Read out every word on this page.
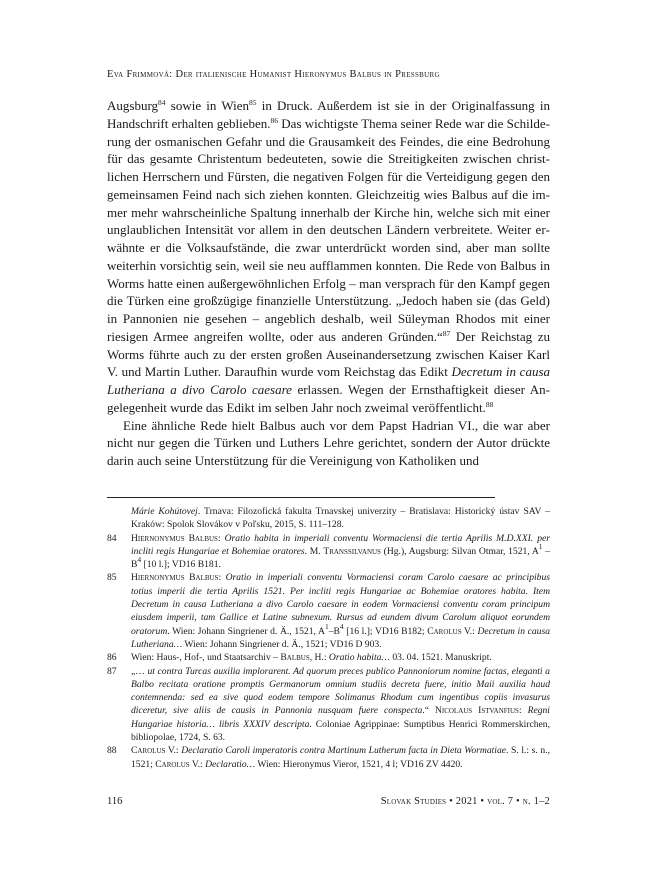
Eva Frimmová: Der italienische Humanist Hieronymus Balbus in Pressburg

Augsburg$^{84}$ sowie in Wien$^{85}$ in Druck. Außerdem ist sie in der Originalfassung in Handschrift erhalten geblieben.$^{86}$ Das wichtigste Thema seiner Rede war die Schilderung der osmanischen Gefahr und die Grausamkeit des Feindes, die eine Bedrohung für das gesamte Christentum bedeuteten, sowie die Streitigkeiten zwischen christlichen Herrschern und Fürsten, die negativen Folgen für die Verteidigung gegen den gemeinsamen Feind nach sich ziehen konnten. Gleichzeitig wies Balbus auf die immer mehr wahrscheinliche Spaltung innerhalb der Kirche hin, welche sich mit einer unglaublichen Intensität vor allem in den deutschen Ländern verbreitete. Weiter erwähnte er die Volksaufstände, die zwar unterdrückt worden sind, aber man sollte weiterhin vorsichtig sein, weil sie neu aufflammen konnten. Die Rede von Balbus in Worms hatte einen außergewöhnlichen Erfolg – man versprach für den Kampf gegen die Türken eine großzügige finanzielle Unterstützung. „Jedoch haben sie (das Geld) in Pannonien nie gesehen – angeblich deshalb, weil Süleyman Rhodos mit einer riesigen Armee angreifen wollte, oder aus anderen Gründen.“$^{87}$ Der Reichstag zu Worms führte auch zu der ersten großen Auseinandersetzung zwischen Kaiser Karl V. und Martin Luther. Daraufhin wurde vom Reichstag das Edikt Decretum in causa Lutheriana a divo Carolo caesare erlassen. Wegen der Ernsthaftigkeit dieser Angelegenheit wurde das Edikt im selben Jahr noch zweimal veröffentlicht.$^{88}$

Eine ähnliche Rede hielt Balbus auch vor dem Papst Hadrian VI., die war aber nicht nur gegen die Türken und Luthers Lehre gerichtet, sondern der Autor drückte darin auch seine Unterstützung für die Vereinigung von Katholiken und

Márie Kohútovej. Trnava: Filozofická fakulta Trnavskej univerzity – Bratislava: Historický ústav SAV – Kraków: Spolok Slovákov v Poľsku, 2015, S. 111–128.
84	Hiernonymus Balbus: Oratio habita in imperiali conventu Wormaciensi die tertia Aprilis M.D.XXI. per incliti regis Hungariae et Bohemiae oratores. M. Transsilvanus (Hg.), Augsburg: Silvan Otmar, 1521, $A^1 - B^4$ [10 l.]; VD16 B181.
85	Hiernonymus Balbus: Oratio in imperiali conventu Vormaciensi coram Carolo caesare ac principibus totius imperii die tertia Aprilis 1521. Per incliti regis Hungariae ac Bohemiae oratores habita. Item Decretum in causa Lutheriana a divo Carolo caesare in eodem Vormaciensi conventu coram principum eiusdem imperii, tam Gallice et Latine subnexum. Rursus ad eundem divum Carolum aliquot eorundem oratorum. Wien: Johann Singriener d. Ä., 1521, $A^1-B^4$ [16 l.]; VD16 B182; Carolus V.: Decretum in causa Lutheriana… Wien: Johann Singriener d. Ä., 1521; VD16 D 903.
86	Wien: Haus-, Hof-, und Staatsarchiv – Balbus, H.: Oratio habita… 03. 04. 1521. Manuskript.
87	„… ut contra Turcas auxilia implorarent. Ad quorum preces publico Pannoniorum nomine factas, eleganti a Balbo recitata oratione promptis Germanorum omnium studiis decreta fuere, initio Maii auxilia haud contemnenda: sed ea sive quod eodem tempore Solimanus Rhodum cum ingentibus copiis invasurus diceretur, sive aliis de causis in Pannonia nusquam fuere conspecta.“ Nicolaus Istvanfius: Regni Hungariae historia… libris XXXIV descripta. Coloniae Agrippinae: Sumptibus Henrici Rommerskirchen, bibliopolae, 1724, S. 63.
88	Carolus V.: Declaratio Caroli imperatoris contra Martinum Lutherum facta in Dieta Wormatiae. S. l.: s. n., 1521; Carolus V.: Declaratio… Wien: Hieronymus Vieror, 1521, 4 l; VD16 ZV 4420.
116	Slovak Studies • 2021 • vol. 7 • n. 1–2
